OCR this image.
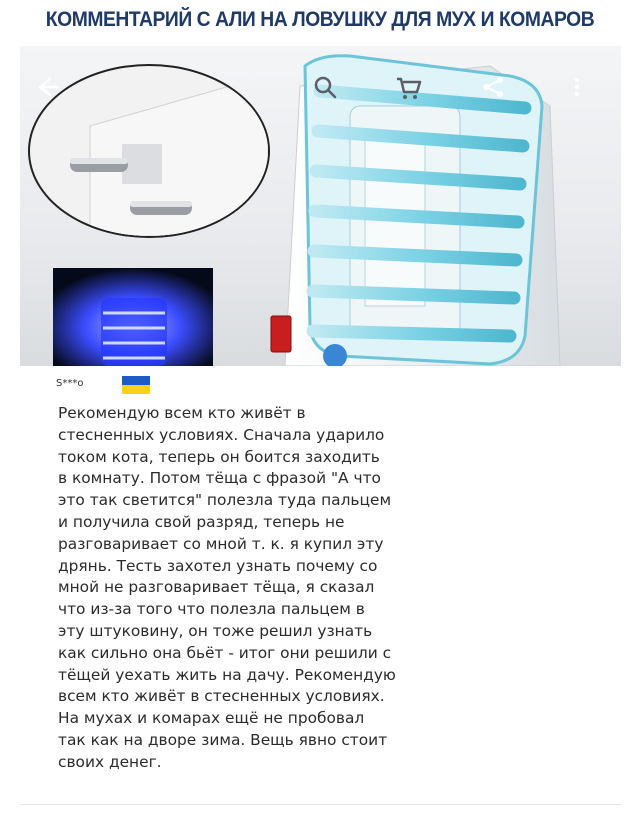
КОММЕНТАРИЙ С АЛИ НА ЛОВУШКУ ДЛЯ МУХ И КОМАРОВ
S***o
Рекомендую всем кто живёт в
стесненных условиях. Сначала ударило
током кота, теперь он боится заходить
в комнату. Потом тёща с фразой "А что
это так светится" полезла туда пальцем
и получила свой разряд, теперь не
разговаривает со мной т. к. я купил эту
дрянь. Тесть захотел узнать почему со
мной не разговаривает тёща, я сказал
что из-за того что полезла пальцем в
эту штуковину, он тоже решил узнать
как сильно она бьёт - итог они решили с
тёщей уехать жить на дачу. Рекомендую
всем кто живёт в стесненных условиях.
На мухах и комарах ещё не пробовал
так как на дворе зима. Вещь явно стоит
своих денег.
